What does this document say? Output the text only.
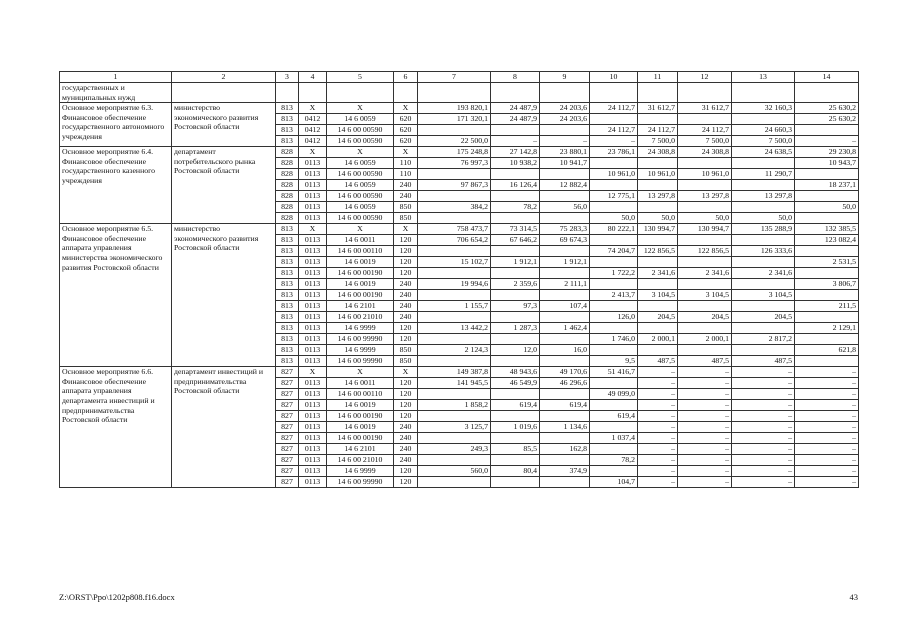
1	2	3	4	5	6	7	8	9	10	11	12	13	14
государственных и муниципальных нужд													
Основное мероприятие 6.3. Финансовое обеспечение государственного автономного учреждения	министерство экономического развития Ростовской области	813	X	X	X	193 820,1	24 487,9	24 203,6	24 112,7	31 612,7	31 612,7	32 160,3	25 630,2
		813	0412	14 6 0059	620	171 320,1	24 487,9	24 203,6					25 630,2
		813	0412	14 6 00 00590	620				24 112,7	24 112,7	24 112,7	24 660,3	
		813	0412	14 6 00 00590	620	22 500,0	–	–	–	7 500,0	7 500,0	7 500,0	–
Основное мероприятие 6.4. Финансовое обеспечение государственного казенного учреждения	департамент потребительского рынка Ростовской области	828	X	X	X	175 248,8	27 142,8	23 880,1	23 786,1	24 308,8	24 308,8	24 638,5	29 230,8
		828	0113	14 6 0059	110	76 997,3	10 938,2	10 941,7					10 943,7
		828	0113	14 6 00 00590	110				10 961,0	10 961,0	10 961,0	11 290,7	
		828	0113	14 6 0059	240	97 867,3	16 126,4	12 882,4					18 237,1
		828	0113	14 6 00 00590	240				12 775,1	13 297,8	13 297,8	13 297,8	
		828	0113	14 6 0059	850	384,2	78,2	56,0					50,0
		828	0113	14 6 00 00590	850				50,0	50,0	50,0	50,0	
Основное мероприятие 6.5. Финансовое обеспечение аппарата управления министерства экономического развития Ростовской области	министерство экономического развития Ростовской области	813	X	X	X	758 473,7	73 314,5	75 283,3	80 222,1	130 994,7	130 994,7	135 288,9	132 385,5
		813	0113	14 6 0011	120	706 654,2	67 646,2	69 674,3					123 082,4
		813	0113	14 6 00 00110	120				74 204,7	122 856,5	122 856,5	126 333,6	
		813	0113	14 6 0019	120	15 102,7	1 912,1	1 912,1					2 531,5
		813	0113	14 6 00 00190	120				1 722,2	2 341,6	2 341,6	2 341,6	
		813	0113	14 6 0019	240	19 994,6	2 359,6	2 111,1					3 806,7
		813	0113	14 6 00 00190	240				2 413,7	3 104,5	3 104,5	3 104,5	
		813	0113	14 6 2101	240	1 155,7	97,3	107,4					211,5
		813	0113	14 6 00 21010	240				126,0	204,5	204,5	204,5	
		813	0113	14 6 9999	120	13 442,2	1 287,3	1 462,4					2 129,1
		813	0113	14 6 00 99990	120				1 746,0	2 000,1	2 000,1	2 817,2	
		813	0113	14 6 9999	850	2 124,3	12,0	16,0					621,8
		813	0113	14 6 00 99990	850				9,5	487,5	487,5	487,5	
Основное мероприятие 6.6. Финансовое обеспечение аппарата управления департамента инвестиций и предпринимательства Ростовской области	департамент инвестиций и предпринимательства Ростовской области	827	X	X	X	149 387,8	48 943,6	49 170,6	51 416,7	–	–	–	–
		827	0113	14 6 0011	120	141 945,5	46 549,9	46 296,6		–	–	–	–
		827	0113	14 6 00 00110	120				49 099,0	–	–	–	–
		827	0113	14 6 0019	120	1 858,2	619,4	619,4		–	–	–	–
		827	0113	14 6 00 00190	120				619,4	–	–	–	–
		827	0113	14 6 0019	240	3 125,7	1 019,6	1 134,6		–	–	–	–
		827	0113	14 6 00 00190	240				1 037,4	–	–	–	–
		827	0113	14 6 2101	240	249,3	85,5	162,8		–	–	–	–
		827	0113	14 6 00 21010	240				78,2	–	–	–	–
		827	0113	14 6 9999	120	560,0	80,4	374,9		–	–	–	–
		827	0113	14 6 00 99990	120				104,7	–	–	–	–
Z:\ORST\Ppo\1202p808.f16.docx	43
